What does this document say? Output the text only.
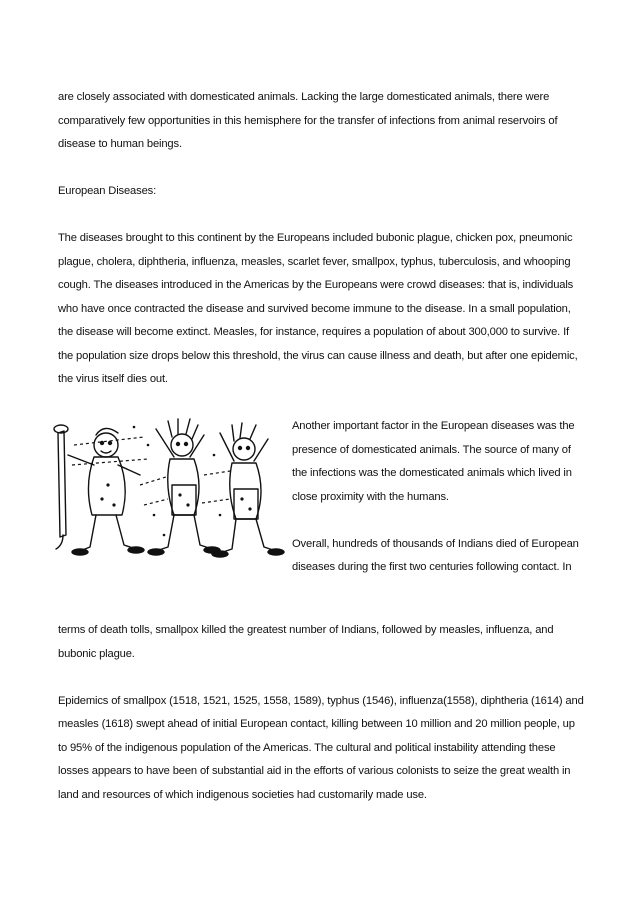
are closely associated with domesticated animals. Lacking the large domesticated animals, there were comparatively few opportunities in this hemisphere for the transfer of infections from animal reservoirs of disease to human beings.

European Diseases:

The diseases brought to this continent by the Europeans included bubonic plague, chicken pox, pneumonic plague, cholera, diphtheria, influenza, measles, scarlet fever, smallpox, typhus, tuberculosis, and whooping cough. The diseases introduced in the Americas by the Europeans were crowd diseases: that is, individuals who have once contracted the disease and survived become immune to the disease. In a small population, the disease will become extinct. Measles, for instance, requires a population of about 300,000 to survive. If the population size drops below this threshold, the virus can cause illness and death, but after one epidemic, the virus itself dies out.

Another important factor in the European diseases was the presence of domesticated animals. The source of many of the infections was the domesticated animals which lived in close proximity with the humans.

Overall, hundreds of thousands of Indians died of European diseases during the first two centuries following contact. In

terms of death tolls, smallpox killed the greatest number of Indians, followed by measles, influenza, and bubonic plague.

Epidemics of smallpox (1518, 1521, 1525, 1558, 1589), typhus (1546), influenza(1558), diphtheria (1614) and measles (1618) swept ahead of initial European contact, killing between 10 million and 20 million people, up to 95% of the indigenous population of the Americas. The cultural and political instability attending these losses appears to have been of substantial aid in the efforts of various colonists to seize the great wealth in land and resources of which indigenous societies had customarily made use.
